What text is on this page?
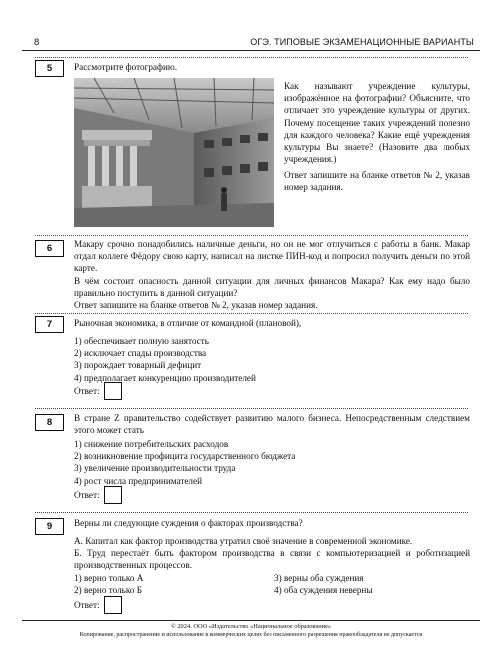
8	ОГЭ. ТИПОВЫЕ ЭКЗАМЕНАЦИОННЫЕ ВАРИАНТЫ
5	Рассмотрите фотографию.

Как называют учреждение культуры, изображённое на фотографии? Объясните, что отличает это учреждение культуры от других. Почему посещение таких учреждений полезно для каждого человека? Какие ещё учреждения культуры Вы знаете? (Назовите два любых учреждения.)

Ответ запишите на бланке ответов № 2, указав номер задания.

6	Макару срочно понадобились наличные деньги, но он не мог отлучиться с работы в банк. Макар отдал коллеге Фёдору свою карту, написал на листке ПИН-код и попросил получить деньги по этой карте.

В чём состоит опасность данной ситуации для личных финансов Макара? Как ему надо было правильно поступить в данной ситуации?

Ответ запишите на бланке ответов № 2, указав номер задания.

7	Рыночная экономика, в отличие от командной (плановой),

1) обеспечивает полную занятость

2) исключает спады производства

3) порождает товарный дефицит

4) предполагает конкуренцию производителей

Ответ:
8	В стране Z правительство содействует развитию малого бизнеса. Непосредственным следствием этого может стать

1) снижение потребительских расходов

2) возникновение профицита государственного бюджета

3) увеличение производительности труда

4) рост числа предпринимателей

Ответ:
9	Верны ли следующие суждения о факторах производства?

А. Капитал как фактор производства утратил своё значение в современной экономике.

Б. Труд перестаёт быть фактором производства в связи с компьютеризацией и роботизацией производственных процессов.

1) верно только А
2) верно только Б
3) верны оба суждения
4) оба суждения неверны
Ответ:
© 2024. ООО «Издательство «Национальное образование»
Копирование, распространение и использование в коммерческих целях без письменного разрешения правообладателя не допускается
